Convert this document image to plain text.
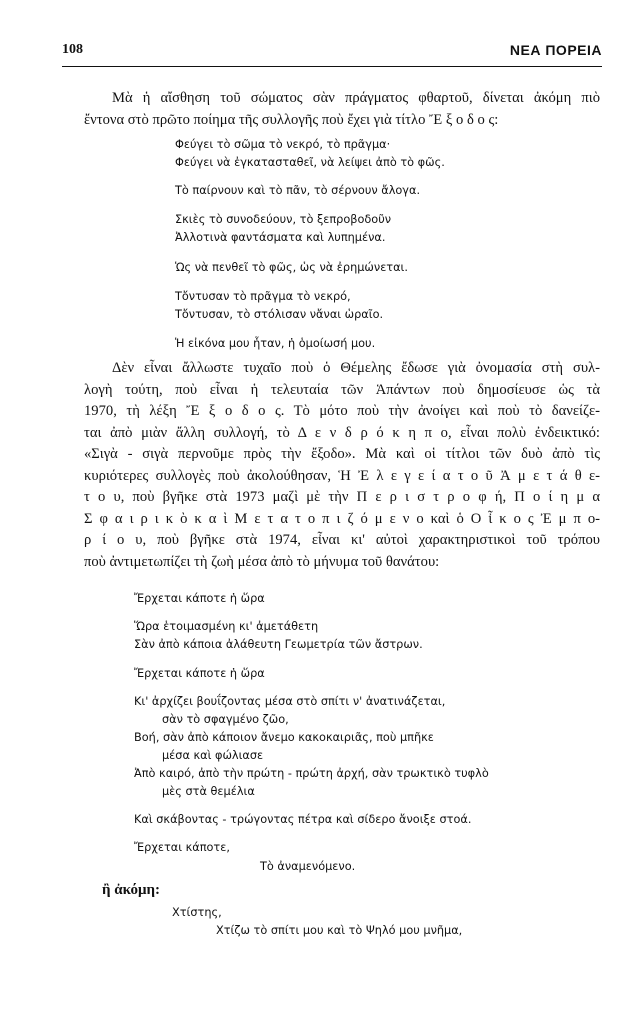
108	ΝΕΑ ΠΟΡΕΙΑ
Μὰ ἡ αἴσθηση τοῦ σώματος σὰν πράγματος φθαρτοῦ, δίνεται ἀκόμη πιὸ
ἔντονα στὸ πρῶτο ποίημα τῆς συλλογῆς ποὺ ἔχει γιὰ τίτλο Ἔ ξ ο δ ο ς:
Φεύγει τὸ σῶμα τὸ νεκρό, τὸ πρᾶγμα·
Φεύγει νὰ ἐγκατασταθεῖ, νὰ λείψει ἀπὸ τὸ φῶς.
Τὸ παίρνουν καὶ τὸ πᾶν, τὸ σέρνουν ἄλογα.
Σκιὲς τὸ συνοδεύουν, τὸ ξεπροβοδοῦν
Ἀλλοτινὰ φαντάσματα καὶ λυπημένα.
Ὡς νὰ πενθεῖ τὸ φῶς, ὡς νὰ ἐρημώνεται.
Τὄντυσαν τὸ πρᾶγμα τὸ νεκρό,
Τὄντυσαν, τὸ στόλισαν νἄναι ὡραῖο.
Ἡ εἰκόνα μου ἦταν, ἡ ὁμοίωσή μου.
Δὲν εἶναι ἄλλωστε τυχαῖο ποὺ ὁ Θέμελης ἔδωσε γιὰ ὀνομασία στὴ συλ-
λογὴ τούτη, ποὺ εἶναι ἡ τελευταία τῶν Ἁπάντων ποὺ δημοσίευσε ὡς τὰ
1970, τὴ λέξη Ἔ ξ ο δ ο ς. Τὸ μότο ποὺ τὴν ἀνοίγει καὶ ποὺ τὸ δανείζε-
ται ἀπὸ μιὰν ἄλλη συλλογή, τὸ Δ ε ν δ ρ ό κ η π ο, εἶναι πολὺ ἐνδεικτικό:
«Σιγὰ - σιγὰ περνοῦμε πρὸς τὴν ἔξοδο». Μὰ καὶ οἱ τίτλοι τῶν δυὸ ἀπὸ τὶς
κυριότερες συλλογὲς ποὺ ἀκολούθησαν, Ἡ Ἐ λ ε γ ε ί α τ ο ῦ Ἀ μ ε τ ά θ ε-
τ ο υ, ποὺ βγῆκε στὰ 1973 μαζὶ μὲ τὴν Π ε ρ ι σ τ ρ ο φ ή, Π ο ί η μ α
Σ φ α ι ρ ι κ ὸ κ α ὶ Μ ε τ α τ ο π ι ζ ό μ ε ν ο καὶ ὁ Ο ἶ κ ο ς Ἐ μ π ο-
ρ ί ο υ, ποὺ βγῆκε στὰ 1974, εἶναι κι' αὐτοὶ χαρακτηριστικοὶ τοῦ τρόπου
ποὺ ἀντιμετωπίζει τὴ ζωὴ μέσα ἀπὸ τὸ μήνυμα τοῦ θανάτου:
Ἔρχεται κάποτε ἡ ὥρα
Ὥρα ἑτοιμασμένη κι' ἀμετάθετη
Σὰν ἀπὸ κάποια ἀλάθευτη Γεωμετρία τῶν ἄστρων.
Ἔρχεται κάποτε ἡ ὥρα
Κι' ἀρχίζει βουΐζοντας μέσα στὸ σπίτι ν' ἀνατινάζεται,
σὰν τὸ σφαγμένο ζῶο,
Βοή, σὰν ἀπὸ κάποιον ἄνεμο κακοκαιριᾶς, ποὺ μπῆκε
μέσα καὶ φώλιασε
Ἀπὸ καιρό, ἀπὸ τὴν πρώτη - πρώτη ἀρχή, σὰν τρωκτικὸ τυφλὸ
μὲς στὰ θεμέλια
Καὶ σκάβοντας - τρώγοντας πέτρα καὶ σίδερο ἄνοιξε στοά.
Ἔρχεται κάποτε,
Τὸ ἀναμενόμενο.
ἢ ἀκόμη:
Χτίστης,
Χτίζω τὸ σπίτι μου καὶ τὸ Ψηλό μου μνῆμα,
